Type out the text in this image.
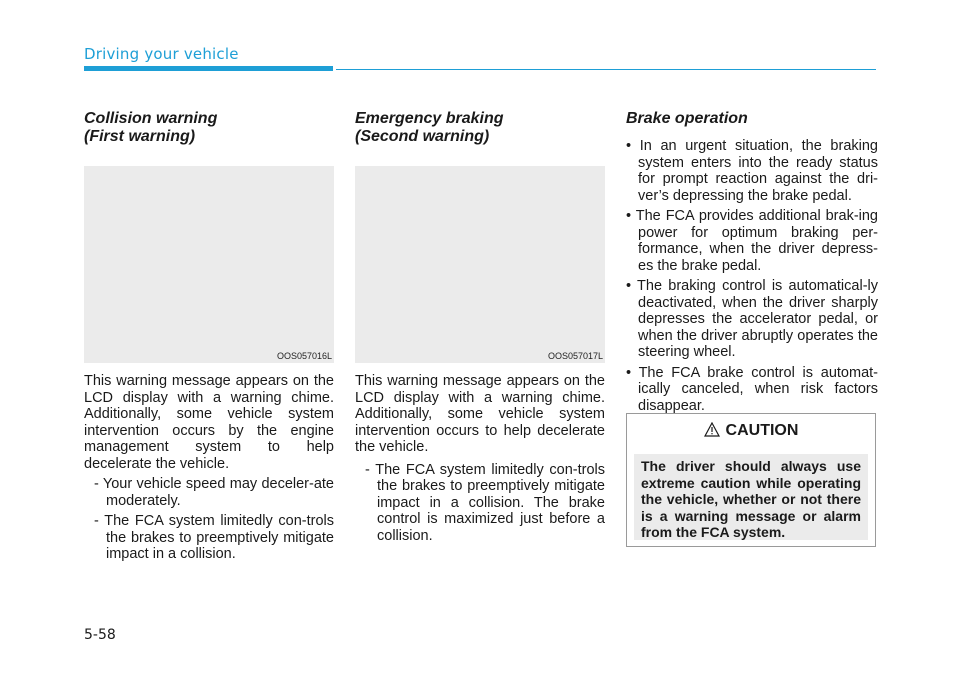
Driving your vehicle

Collision warning
(First warning)

OOS057016L

This warning message appears on the LCD display with a warning chime. Additionally, some vehicle system intervention occurs by the engine management system to help decelerate the vehicle.

- Your vehicle speed may deceler-ate moderately.

- The FCA system limitedly con-trols the brakes to preemptively mitigate impact in a collision.

Emergency braking
(Second warning)

OOS057017L

This warning message appears on the LCD display with a warning chime. Additionally, some vehicle system intervention occurs to help decelerate the vehicle.

- The FCA system limitedly con-trols the brakes to preemptively mitigate impact in a collision. The brake control is maximized just before a collision.

Brake operation

• In an urgent situation, the braking system enters into the ready status for prompt reaction against the dri-ver’s depressing the brake pedal.
• The FCA provides additional brak-ing power for optimum braking per-formance, when the driver depress-es the brake pedal.
• The braking control is automatical-ly deactivated, when the driver sharply depresses the accelerator pedal, or when the driver abruptly operates the steering wheel.
• The FCA brake control is automat-ically canceled, when risk factors disappear.
CAUTION
The driver should always use extreme caution while operating the vehicle, whether or not there is a warning message or alarm from the FCA system.
5-58
